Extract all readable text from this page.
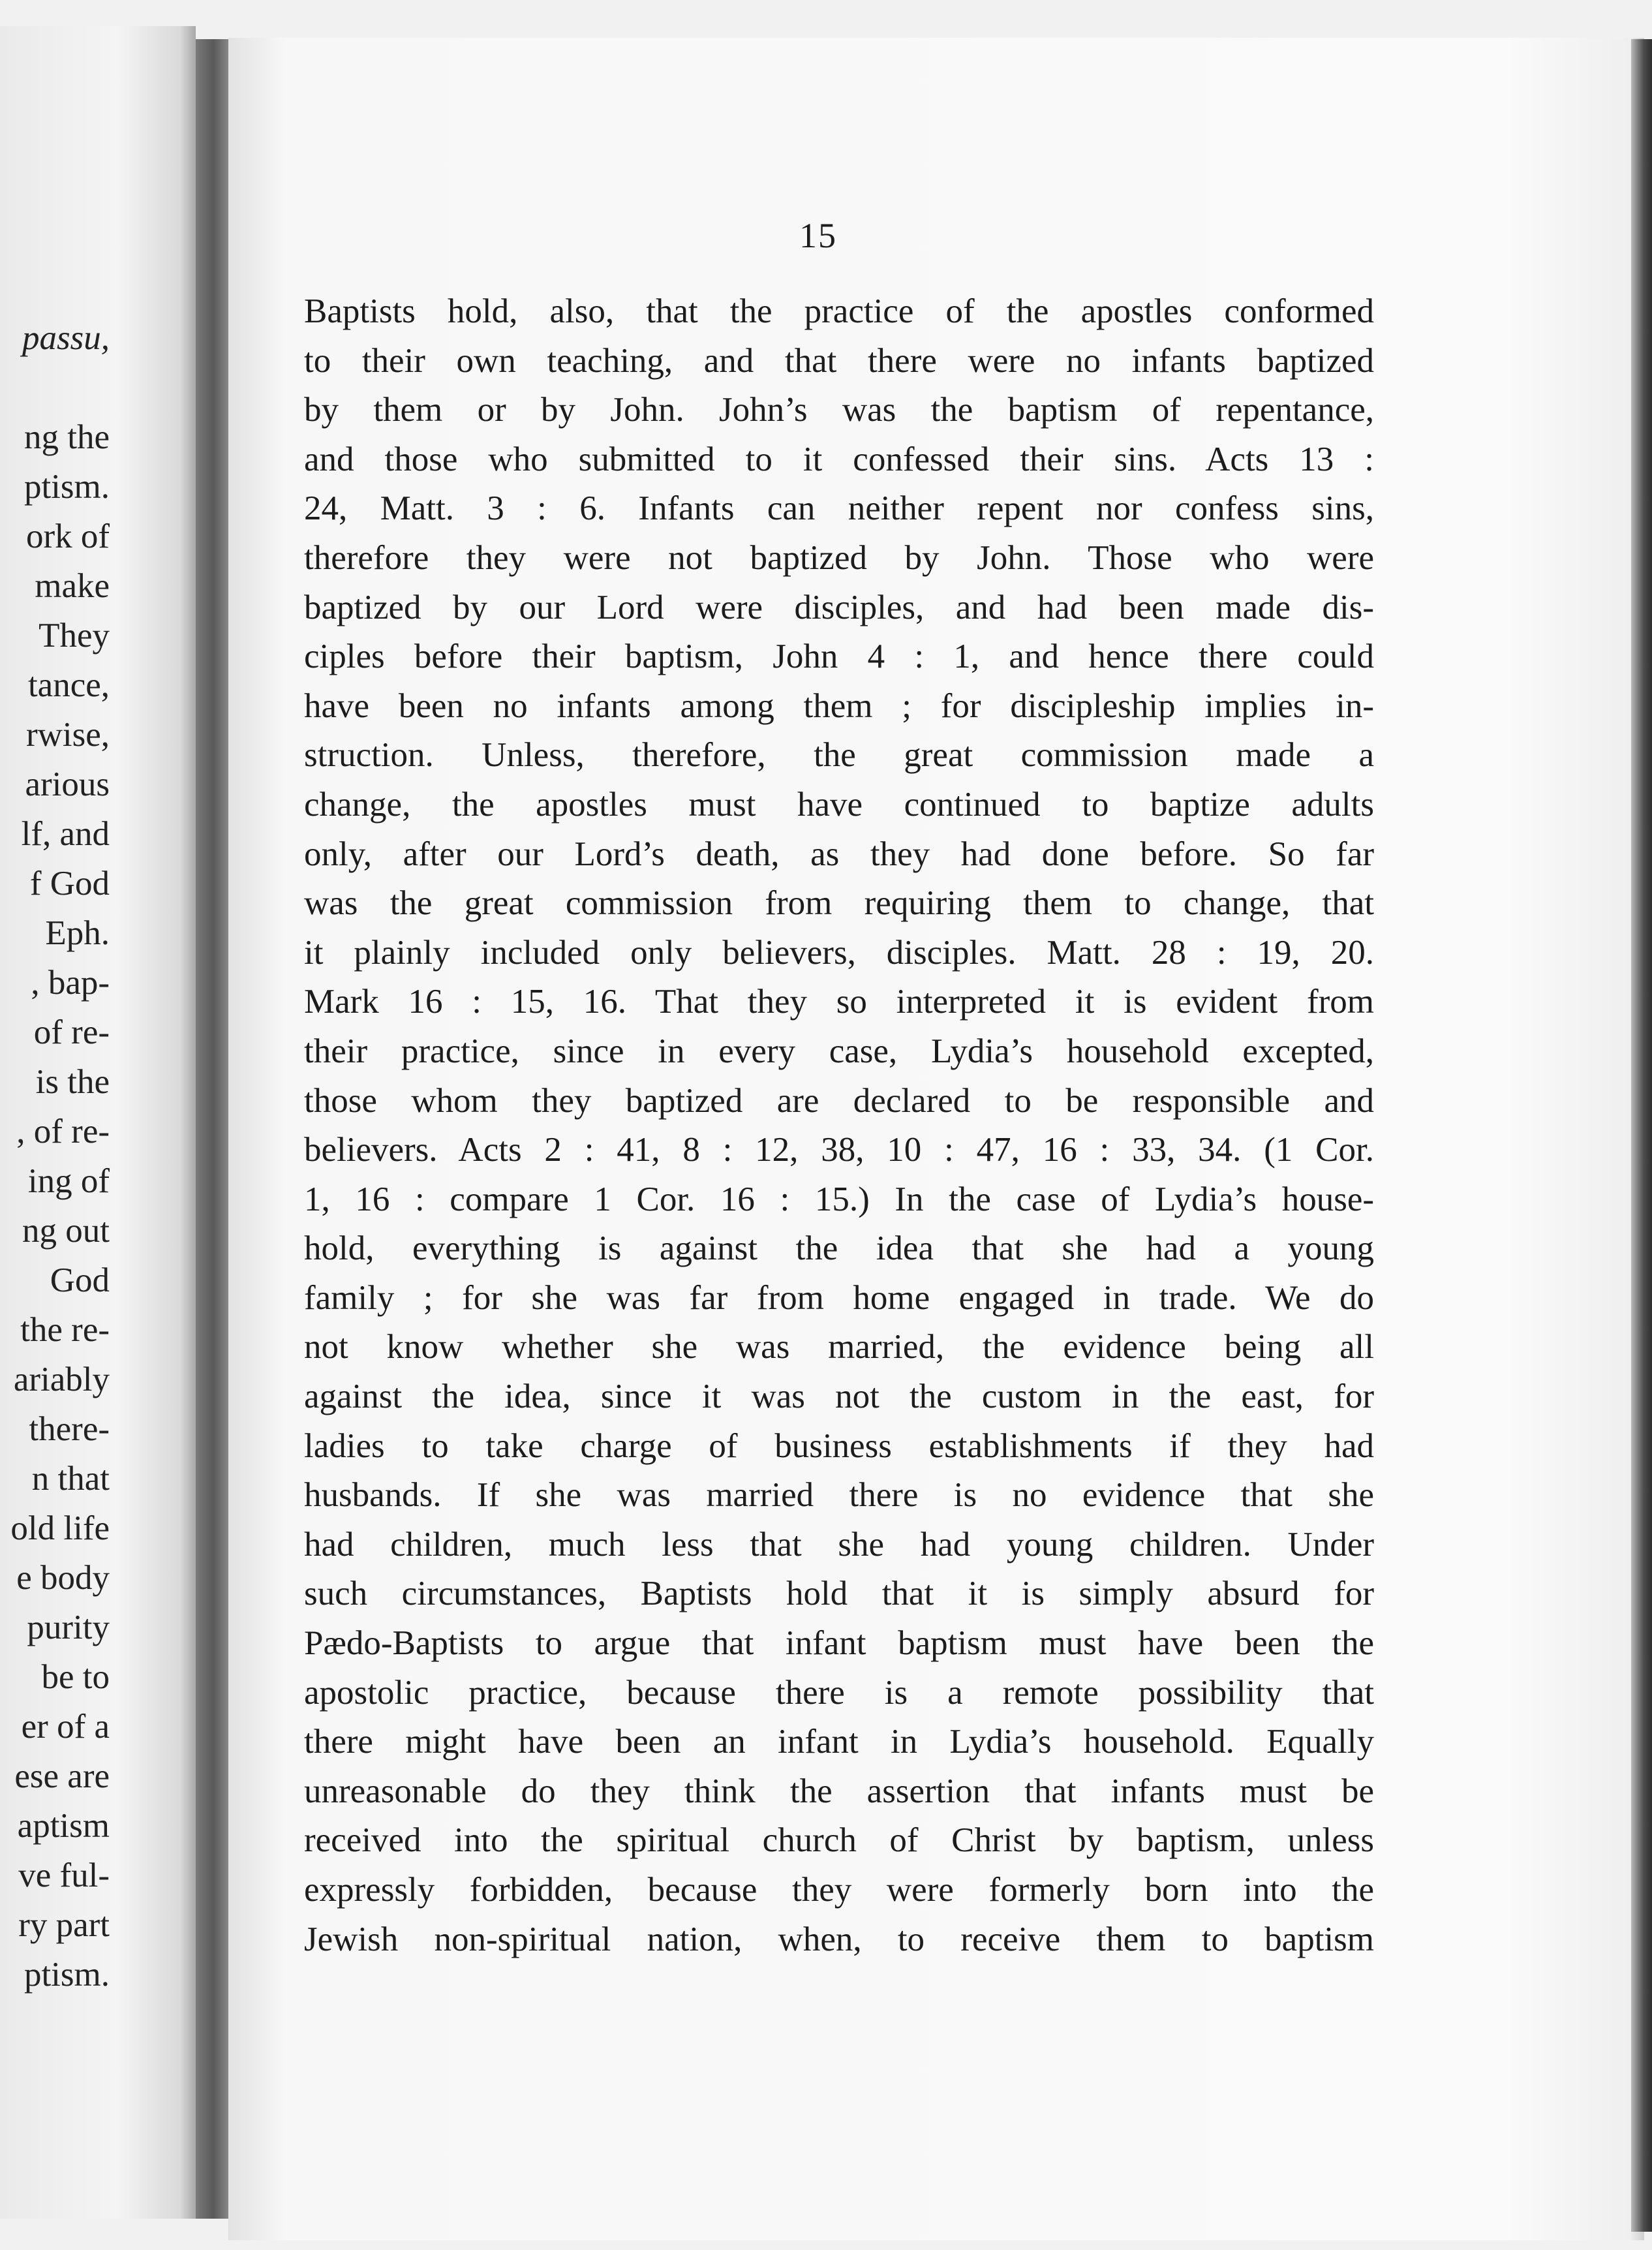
passu,
ng the
ptism.
ork of
make
They
tance,
rwise,
arious
lf, and
f God
Eph.
, bap-
of re-
is the
, of re-
ing of
ng out
God
the re-
ariably
there-
n that
old life
e body
purity
be to
er of a
ese are
aptism
ve ful-
ry part
ptism.
15
Baptists hold, also, that the practice of the apostles conformed
to their own teaching, and that there were no infants baptized
by them or by John. John’s was the baptism of repentance,
and those who submitted to it confessed their sins. Acts 13 :
24, Matt. 3 : 6. Infants can neither repent nor confess sins,
therefore they were not baptized by John. Those who were
baptized by our Lord were disciples, and had been made dis-
ciples before their baptism, John 4 : 1, and hence there could
have been no infants among them ; for discipleship implies in-
struction. Unless, therefore, the great commission made a
change, the apostles must have continued to baptize adults
only, after our Lord’s death, as they had done before. So far
was the great commission from requiring them to change, that
it plainly included only believers, disciples. Matt. 28 : 19, 20.
Mark 16 : 15, 16. That they so interpreted it is evident from
their practice, since in every case, Lydia’s household excepted,
those whom they baptized are declared to be responsible and
believers. Acts 2 : 41, 8 : 12, 38, 10 : 47, 16 : 33, 34. (1 Cor.
1, 16 : compare 1 Cor. 16 : 15.) In the case of Lydia’s house-
hold, everything is against the idea that she had a young
family ; for she was far from home engaged in trade. We do
not know whether she was married, the evidence being all
against the idea, since it was not the custom in the east, for
ladies to take charge of business establishments if they had
husbands. If she was married there is no evidence that she
had children, much less that she had young children. Under
such circumstances, Baptists hold that it is simply absurd for
Pædo-Baptists to argue that infant baptism must have been the
apostolic practice, because there is a remote possibility that
there might have been an infant in Lydia’s household. Equally
unreasonable do they think the assertion that infants must be
received into the spiritual church of Christ by baptism, unless
expressly forbidden, because they were formerly born into the
Jewish non-spiritual nation, when, to receive them to baptism
